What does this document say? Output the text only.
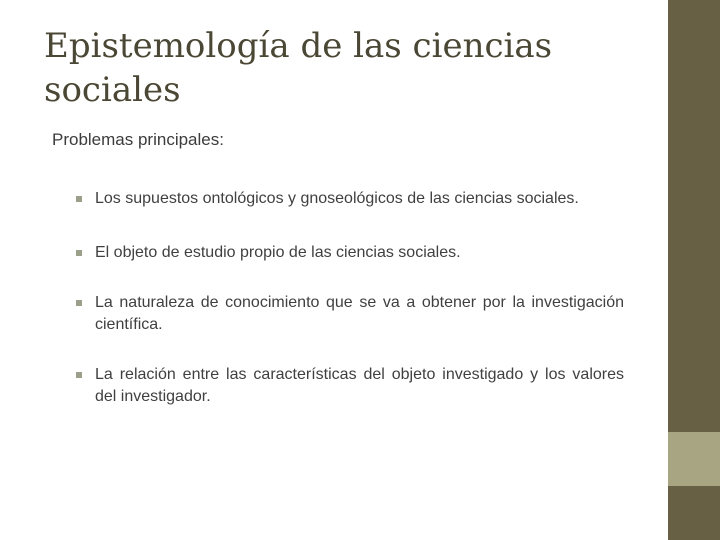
Epistemología de las ciencias sociales
Problemas principales:
Los supuestos ontológicos y gnoseológicos de las ciencias sociales.
El objeto de estudio propio de las ciencias sociales.
La naturaleza de conocimiento que se va a obtener por la investigación científica.
La relación entre las características del objeto investigado y los valores del investigador.
